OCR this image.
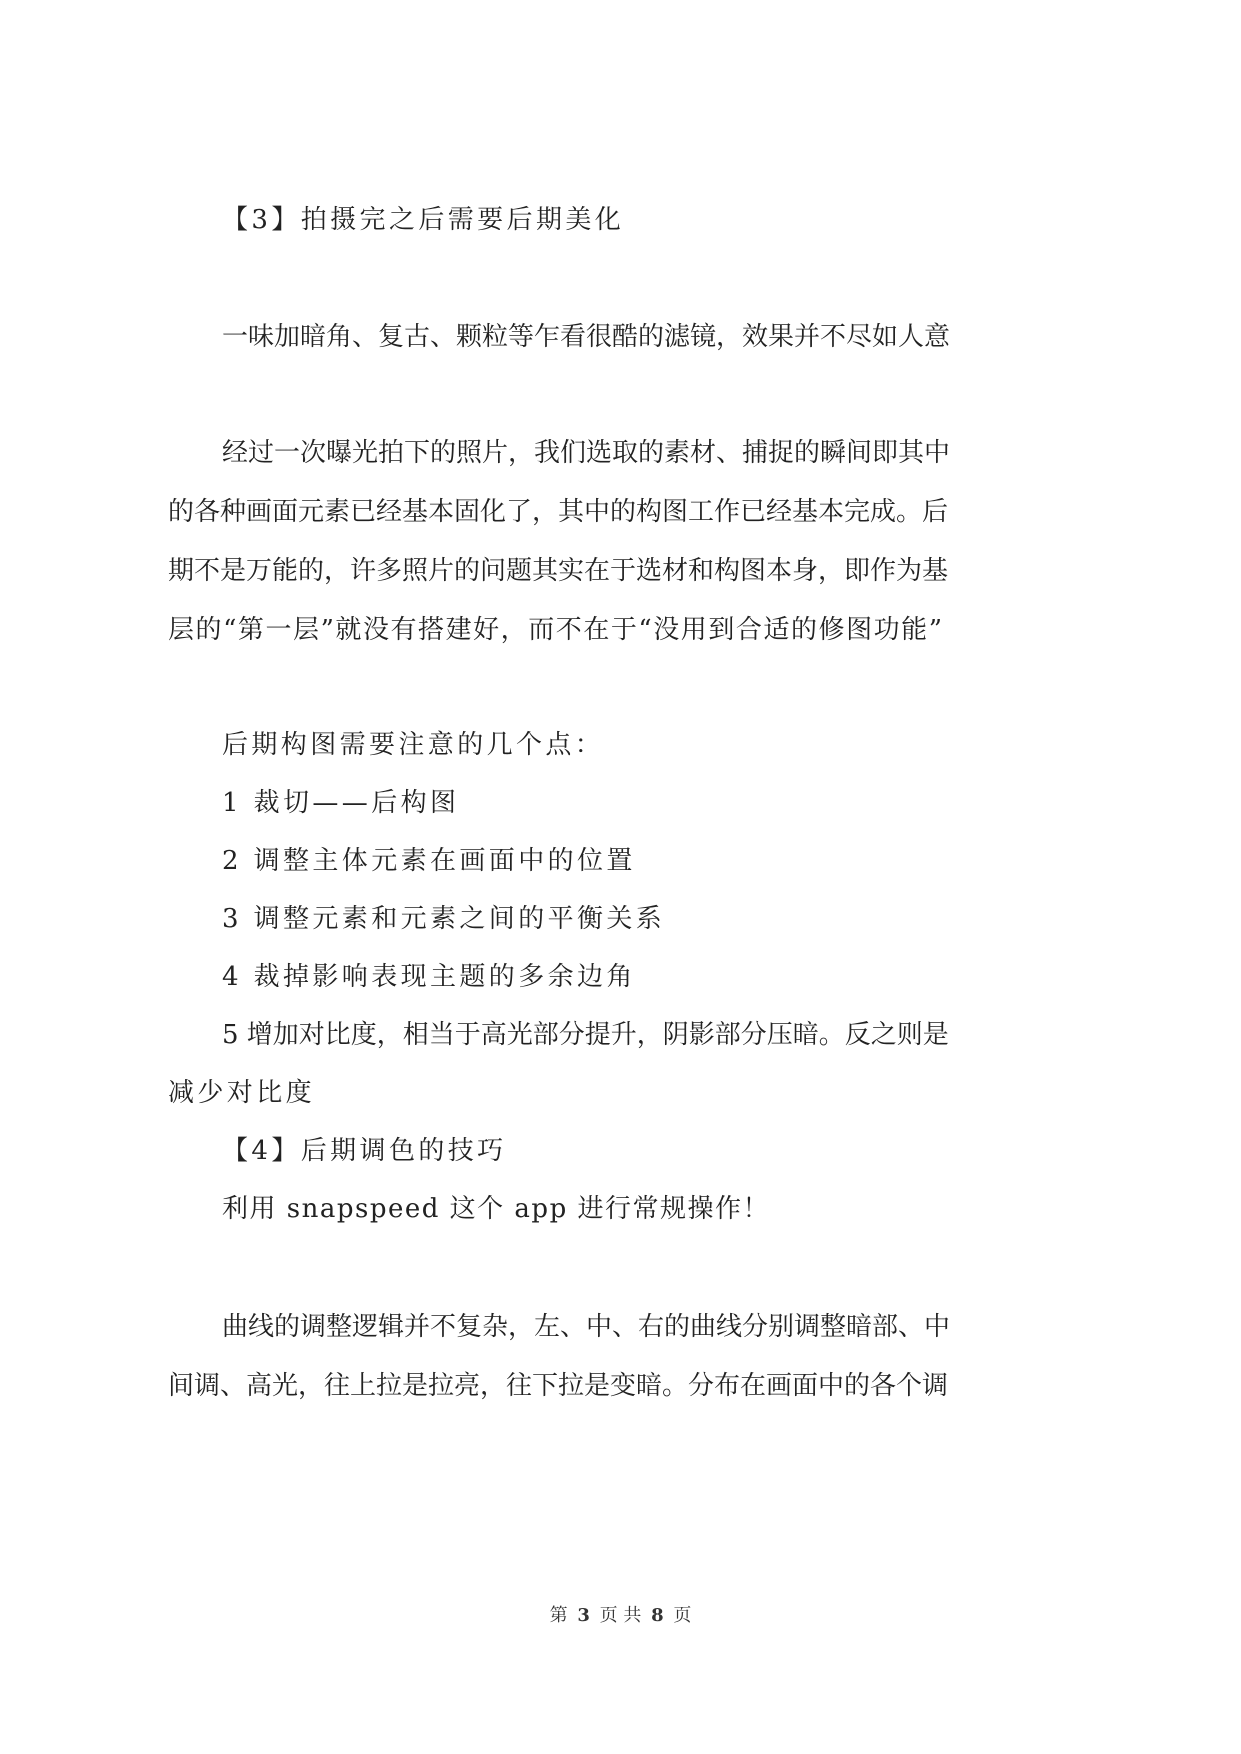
【3】拍摄完之后需要后期美化
一味加暗角、复古、颗粒等乍看很酷的滤镜，效果并不尽如人意
经过一次曝光拍下的照片，我们选取的素材、捕捉的瞬间即其中
的各种画面元素已经基本固化了，其中的构图工作已经基本完成。后
期不是万能的，许多照片的问题其实在于选材和构图本身，即作为基
层的“第一层”就没有搭建好，而不在于“没用到合适的修图功能”
后期构图需要注意的几个点：
1 裁切——后构图
2 调整主体元素在画面中的位置
3 调整元素和元素之间的平衡关系
4 裁掉影响表现主题的多余边角
5 增加对比度，相当于高光部分提升，阴影部分压暗。反之则是
减少对比度
【4】后期调色的技巧
利用 snapspeed 这个 app 进行常规操作！
曲线的调整逻辑并不复杂，左、中、右的曲线分别调整暗部、中
间调、高光，往上拉是拉亮，往下拉是变暗。分布在画面中的各个调
第 3 页 共 8 页
